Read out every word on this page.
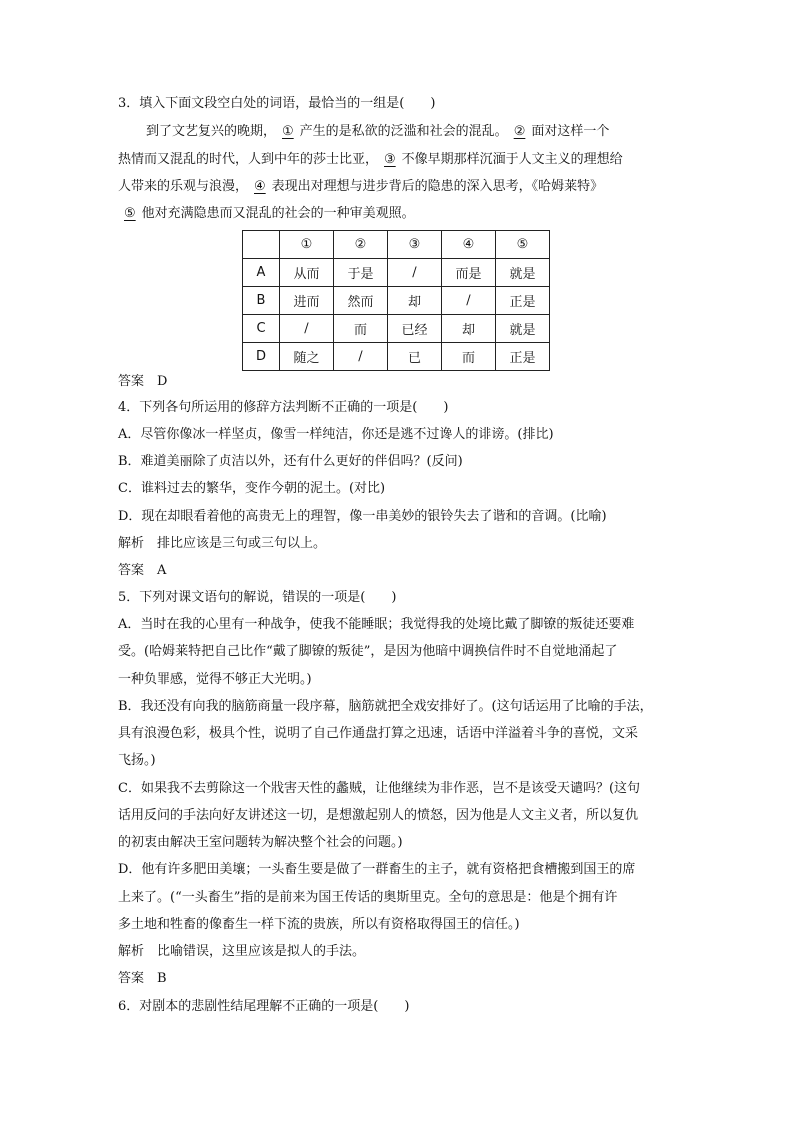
3．填入下面文段空白处的词语，最恰当的一组是(　　)
到了文艺复兴的晚期， ① 产生的是私欲的泛滥和社会的混乱。 ② 面对这样一个
热情而又混乱的时代，人到中年的莎士比亚， ③ 不像早期那样沉湎于人文主义的理想给
人带来的乐观与浪漫， ④ 表现出对理想与进步背后的隐患的深入思考，《哈姆莱特》
⑤ 他对充满隐患而又混乱的社会的一种审美观照。
	①	②	③	④	⑤
A	从而	于是	/	而是	就是
B	进而	然而	却	/	正是
C	/	而	已经	却	就是
D	随之	/	已	而	正是
答案　D
4．下列各句所运用的修辞方法判断不正确的一项是(　　)
A．尽管你像冰一样坚贞，像雪一样纯洁，你还是逃不过谗人的诽谤。(排比)
B．难道美丽除了贞洁以外，还有什么更好的伴侣吗？(反问)
C．谁料过去的繁华，变作今朝的泥土。(对比)
D．现在却眼看着他的高贵无上的理智，像一串美妙的银铃失去了谐和的音调。(比喻)
解析　排比应该是三句或三句以上。
答案　A
5．下列对课文语句的解说，错误的一项是(　　)
A．当时在我的心里有一种战争，使我不能睡眠；我觉得我的处境比戴了脚镣的叛徒还要难
受。(哈姆莱特把自己比作“戴了脚镣的叛徒”，是因为他暗中调换信件时不自觉地涌起了
一种负罪感，觉得不够正大光明。)
B．我还没有向我的脑筋商量一段序幕，脑筋就把全戏安排好了。(这句话运用了比喻的手法，
具有浪漫色彩，极具个性，说明了自己作通盘打算之迅速，话语中洋溢着斗争的喜悦，文采
飞扬。)
C．如果我不去剪除这一个戕害天性的蠡贼，让他继续为非作恶，岂不是该受天谴吗？(这句
话用反问的手法向好友讲述这一切，是想激起别人的愤怒，因为他是人文主义者，所以复仇
的初衷由解决王室问题转为解决整个社会的问题。)
D．他有许多肥田美壤；一头畜生要是做了一群畜生的主子，就有资格把食槽搬到国王的席
上来了。(“一头畜生”指的是前来为国王传话的奥斯里克。全句的意思是：他是个拥有许
多土地和牲畜的像畜生一样下流的贵族，所以有资格取得国王的信任。)
解析　比喻错误，这里应该是拟人的手法。
答案　B
6．对剧本的悲剧性结尾理解不正确的一项是(　　)
